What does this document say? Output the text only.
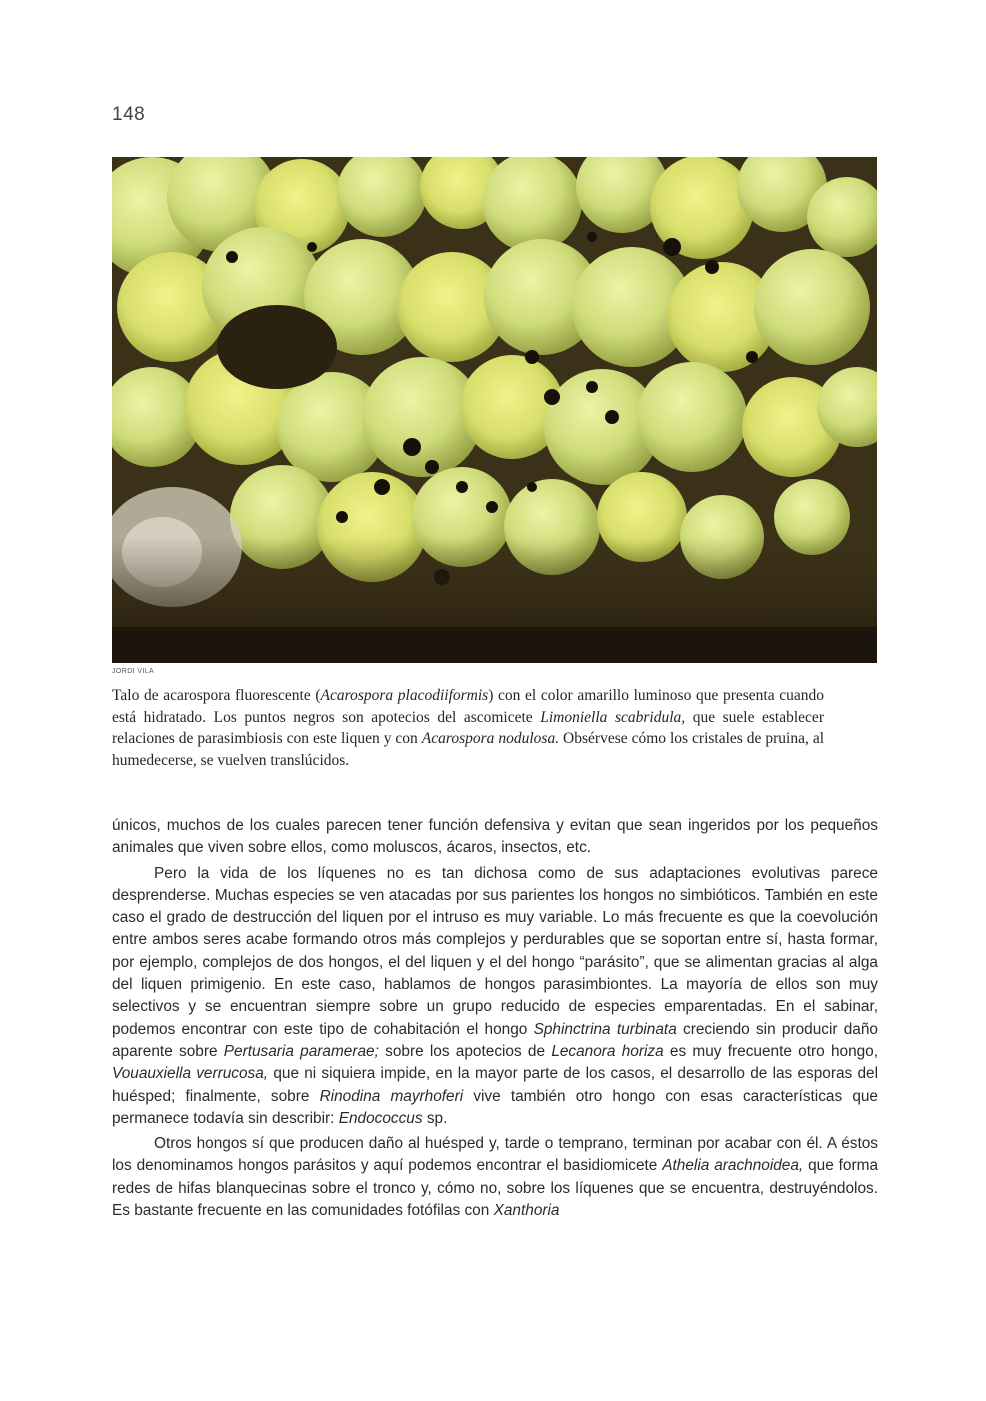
148
JORDI VILA
Talo de acarospora fluorescente (Acarospora placodiiformis) con el color amarillo luminoso que presenta cuando está hidratado. Los puntos negros son apotecios del ascomicete Limoniella scabridula, que suele establecer relaciones de parasimbiosis con este liquen y con Acarospora nodulosa. Obsérvese cómo los cristales de pruina, al humedecerse, se vuelven translúcidos.

únicos, muchos de los cuales parecen tener función defensiva y evitan que sean ingeridos por los pequeños animales que viven sobre ellos, como moluscos, ácaros, insectos, etc.

Pero la vida de los líquenes no es tan dichosa como de sus adaptaciones evolutivas parece desprenderse. Muchas especies se ven atacadas por sus parientes los hongos no simbióticos. También en este caso el grado de destrucción del liquen por el intruso es muy variable. Lo más frecuente es que la coevolución entre ambos seres acabe formando otros más complejos y perdurables que se soportan entre sí, hasta formar, por ejemplo, complejos de dos hongos, el del liquen y el del hongo “parásito”, que se alimentan gracias al alga del liquen primigenio. En este caso, hablamos de hongos parasimbiontes. La mayoría de ellos son muy selectivos y se encuentran siempre sobre un grupo reducido de especies emparentadas. En el sabinar, podemos encontrar con este tipo de cohabitación el hongo Sphinctrina turbinata creciendo sin producir daño aparente sobre Pertusaria paramerae; sobre los apotecios de Lecanora horiza es muy frecuente otro hongo, Vouauxiella verrucosa, que ni siquiera impide, en la mayor parte de los casos, el desarrollo de las esporas del huésped; finalmente, sobre Rinodina mayrhoferi vive también otro hongo con esas características que permanece todavía sin describir: Endococcus sp.

Otros hongos sí que producen daño al huésped y, tarde o temprano, terminan por acabar con él. A éstos los denominamos hongos parásitos y aquí podemos encontrar el basidiomicete Athelia arachnoidea, que forma redes de hifas blanquecinas sobre el tronco y, cómo no, sobre los líquenes que se encuentra, destruyéndolos. Es bastante frecuente en las comunidades fotófilas con Xanthoria
